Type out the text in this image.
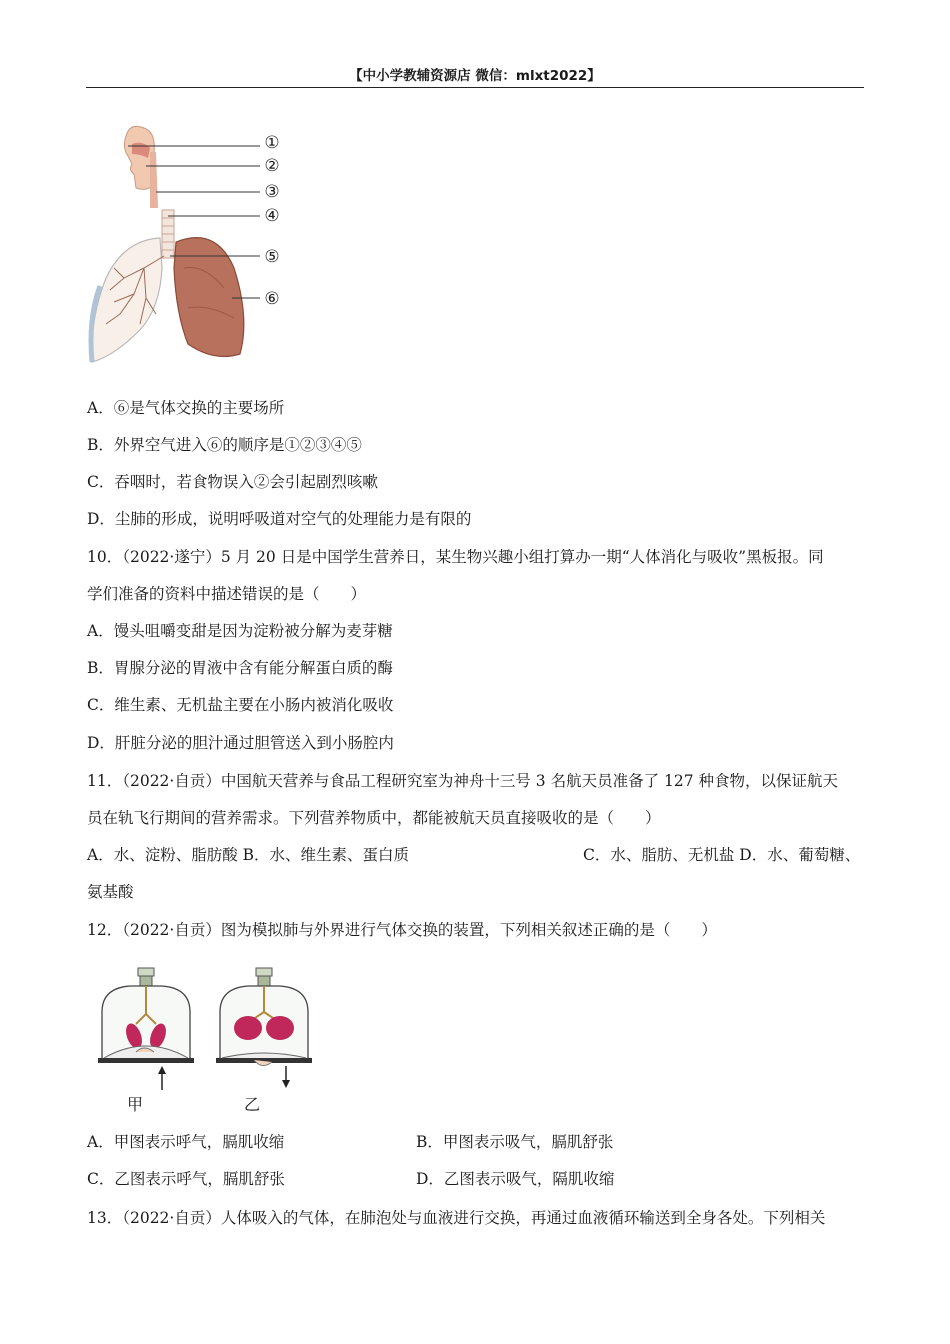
【中小学教辅资源店 微信：mlxt2022】
①
②
③
④
⑤
⑥
A．⑥是气体交换的主要场所
B．外界空气进入⑥的顺序是①②③④⑤
C．吞咽时，若食物误入②会引起剧烈咳嗽
D．尘肺的形成，说明呼吸道对空气的处理能力是有限的
10．（2022·遂宁）5 月 20 日是中国学生营养日，某生物兴趣小组打算办一期“人体消化与吸收”黑板报。同
学们准备的资料中描述错误的是（　　）
A．馒头咀嚼变甜是因为淀粉被分解为麦芽糖
B．胃腺分泌的胃液中含有能分解蛋白质的酶
C．维生素、无机盐主要在小肠内被消化吸收
D．肝脏分泌的胆汁通过胆管送入到小肠腔内
11．（2022·自贡）中国航天营养与食品工程研究室为神舟十三号 3 名航天员准备了 127 种食物，以保证航天
员在轨飞行期间的营养需求。下列营养物质中，都能被航天员直接吸收的是（　　）
A．水、淀粉、脂肪酸 B．水、维生素、蛋白质	C．水、脂肪、无机盐 D．水、葡萄糖、
氨基酸
12．（2022·自贡）图为模拟肺与外界进行气体交换的装置，下列相关叙述正确的是（　　）
甲	乙
A．甲图表示呼气，膈肌收缩	B．甲图表示吸气，膈肌舒张
C．乙图表示呼气，膈肌舒张	D．乙图表示吸气，隔肌收缩
13．（2022·自贡）人体吸入的气体，在肺泡处与血液进行交换，再通过血液循环输送到全身各处。下列相关
